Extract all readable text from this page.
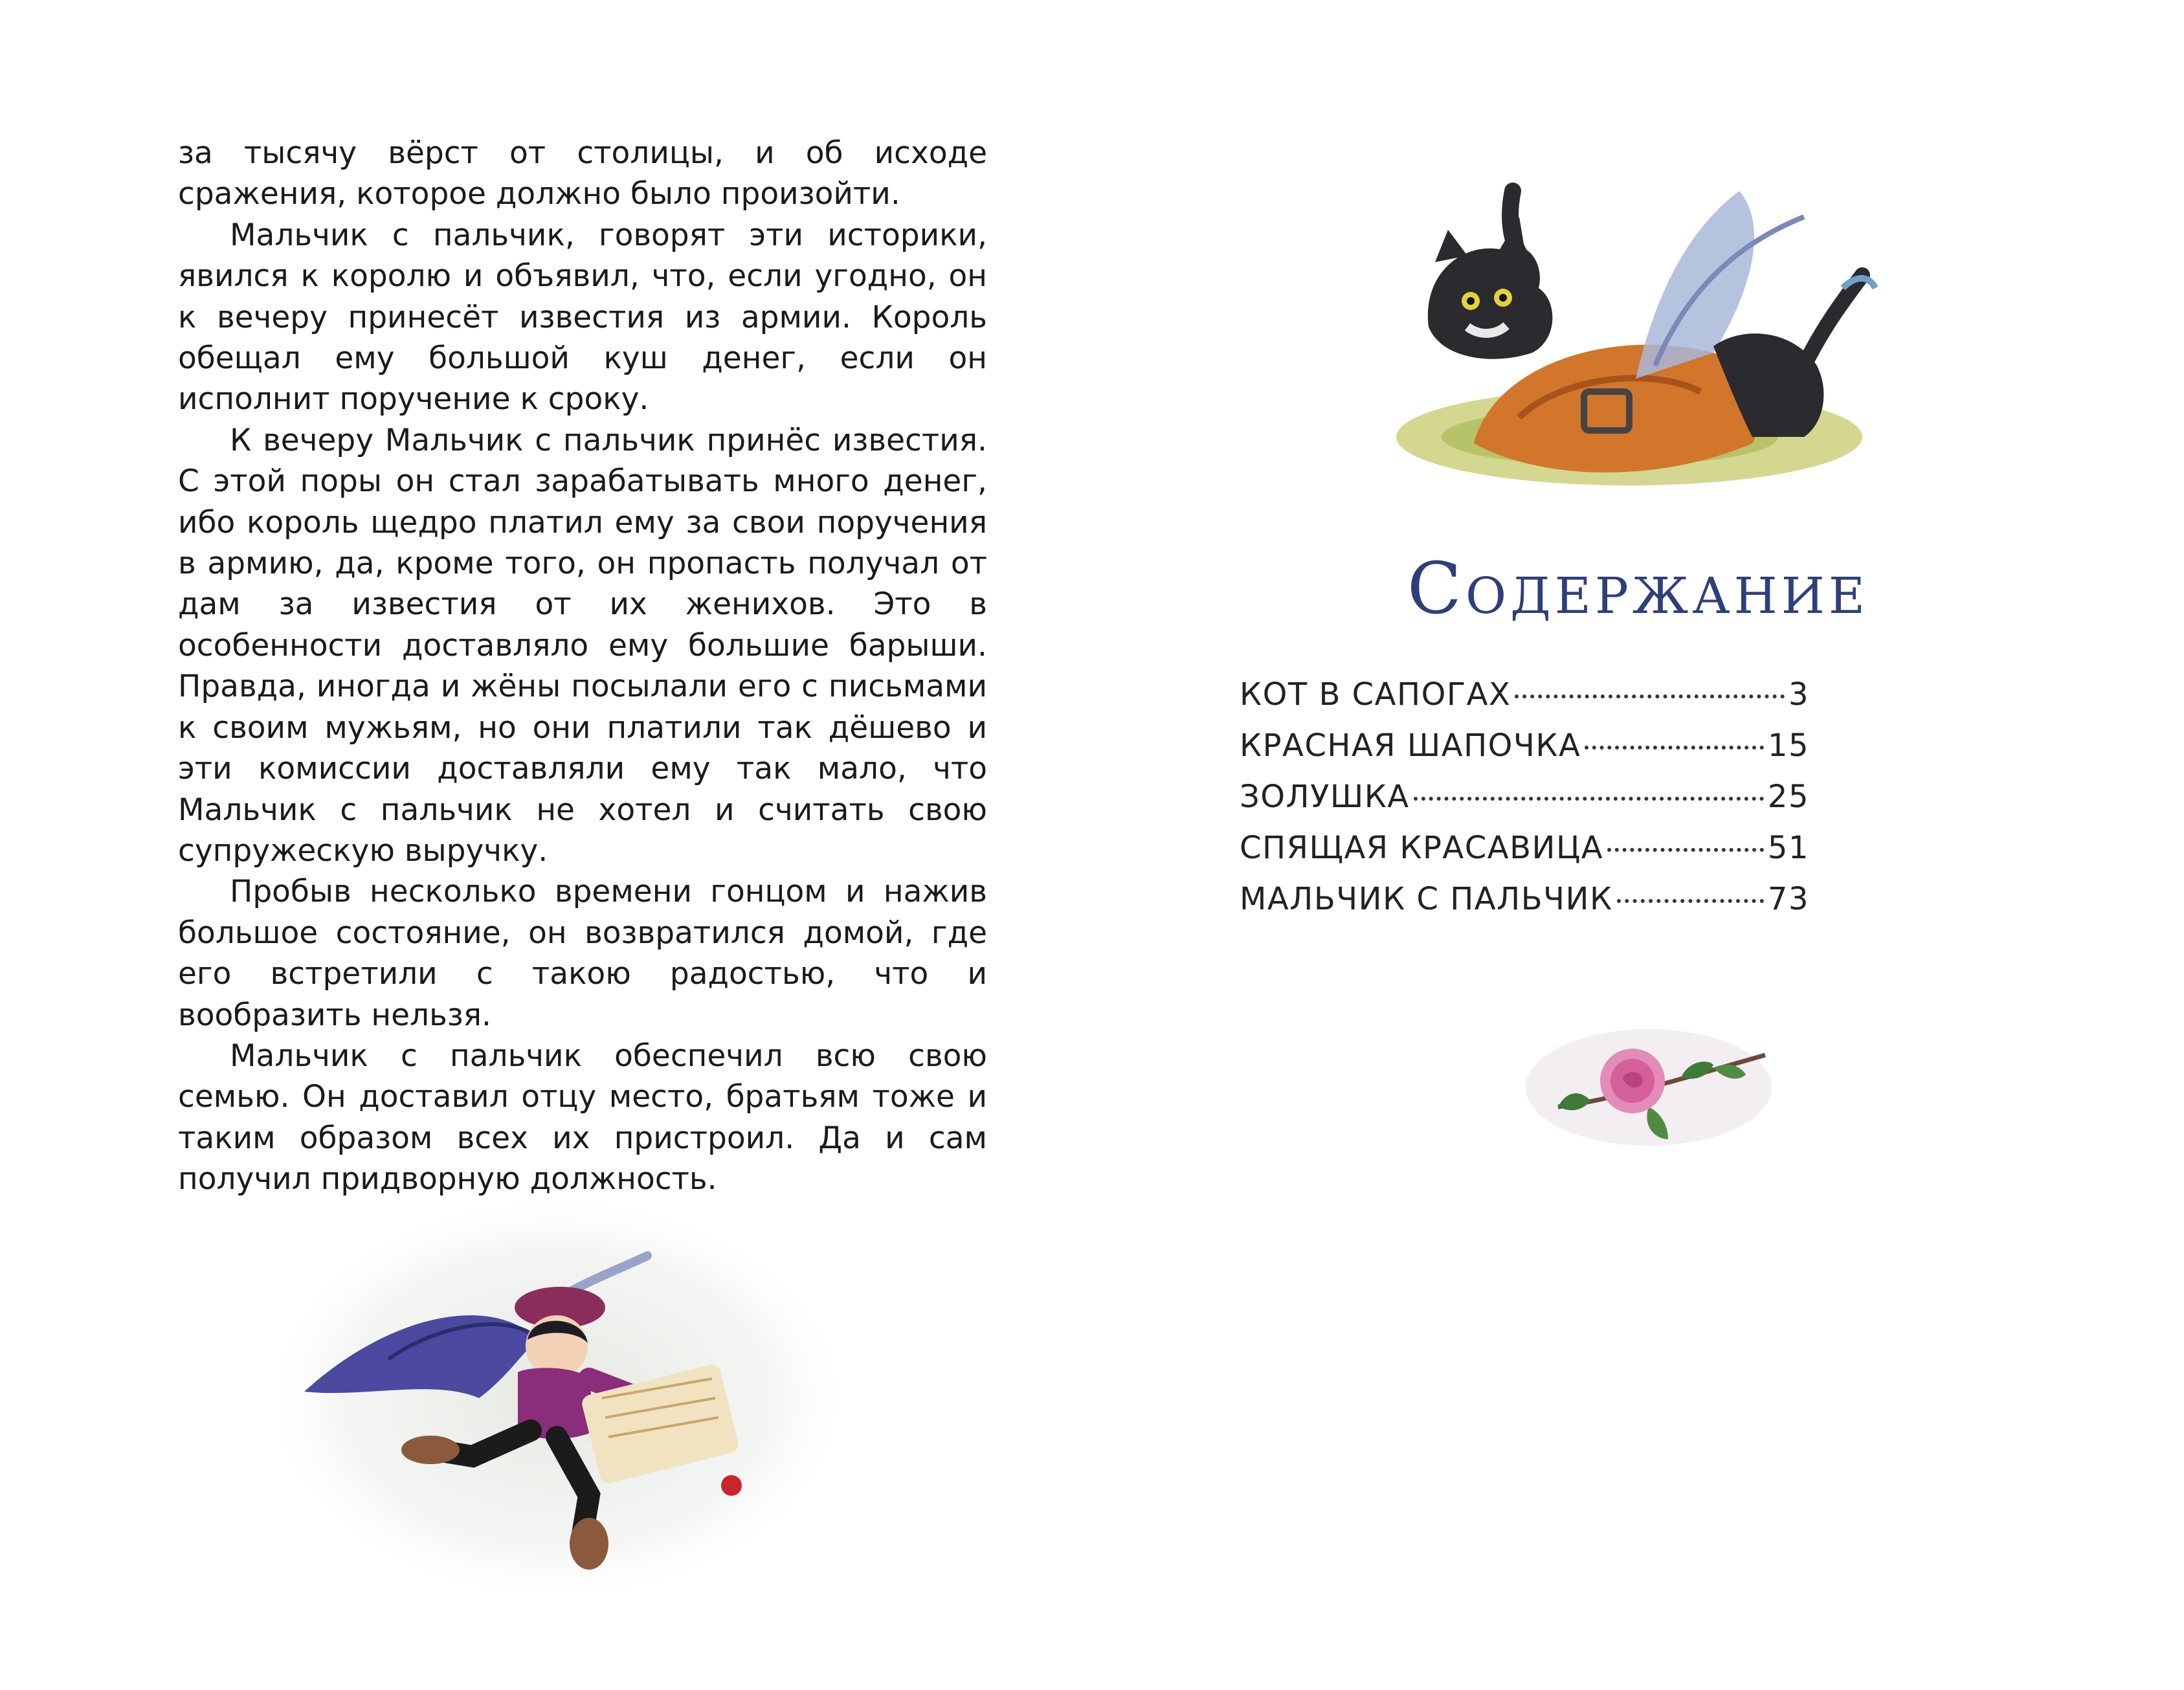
за тысячу вёрст от столицы, и об исходе сражения, которое должно было произойти.

Мальчик с пальчик, говорят эти историки, явился к королю и объявил, что, если угодно, он к вечеру принесёт известия из армии. Король обещал ему большой куш денег, если он исполнит поручение к сроку.

К вечеру Мальчик с пальчик принёс известия. С этой поры он стал зарабатывать много денег, ибо король щедро платил ему за свои поручения в армию, да, кроме того, он пропасть получал от дам за известия от их женихов. Это в особенности доставляло ему большие барыши. Правда, иногда и жёны посылали его с письмами к своим мужьям, но они платили так дёшево и эти комиссии доставляли ему так мало, что Мальчик с пальчик не хотел и считать свою супружескую выручку.

Пробыв несколько времени гонцом и нажив большое состояние, он возвратился домой, где его встретили с такою радостью, что и вообразить нельзя.

Мальчик с пальчик обеспечил всю свою семью. Он доставил отцу место, братьям тоже и таким образом всех их пристроил. Да и сам получил придворную должность.

Содержание
КОТ В САПОГАХ	3
КРАСНАЯ ШАПОЧКА	15
ЗОЛУШКА	25
СПЯЩАЯ КРАСАВИЦА	51
МАЛЬЧИК С ПАЛЬЧИК	73
